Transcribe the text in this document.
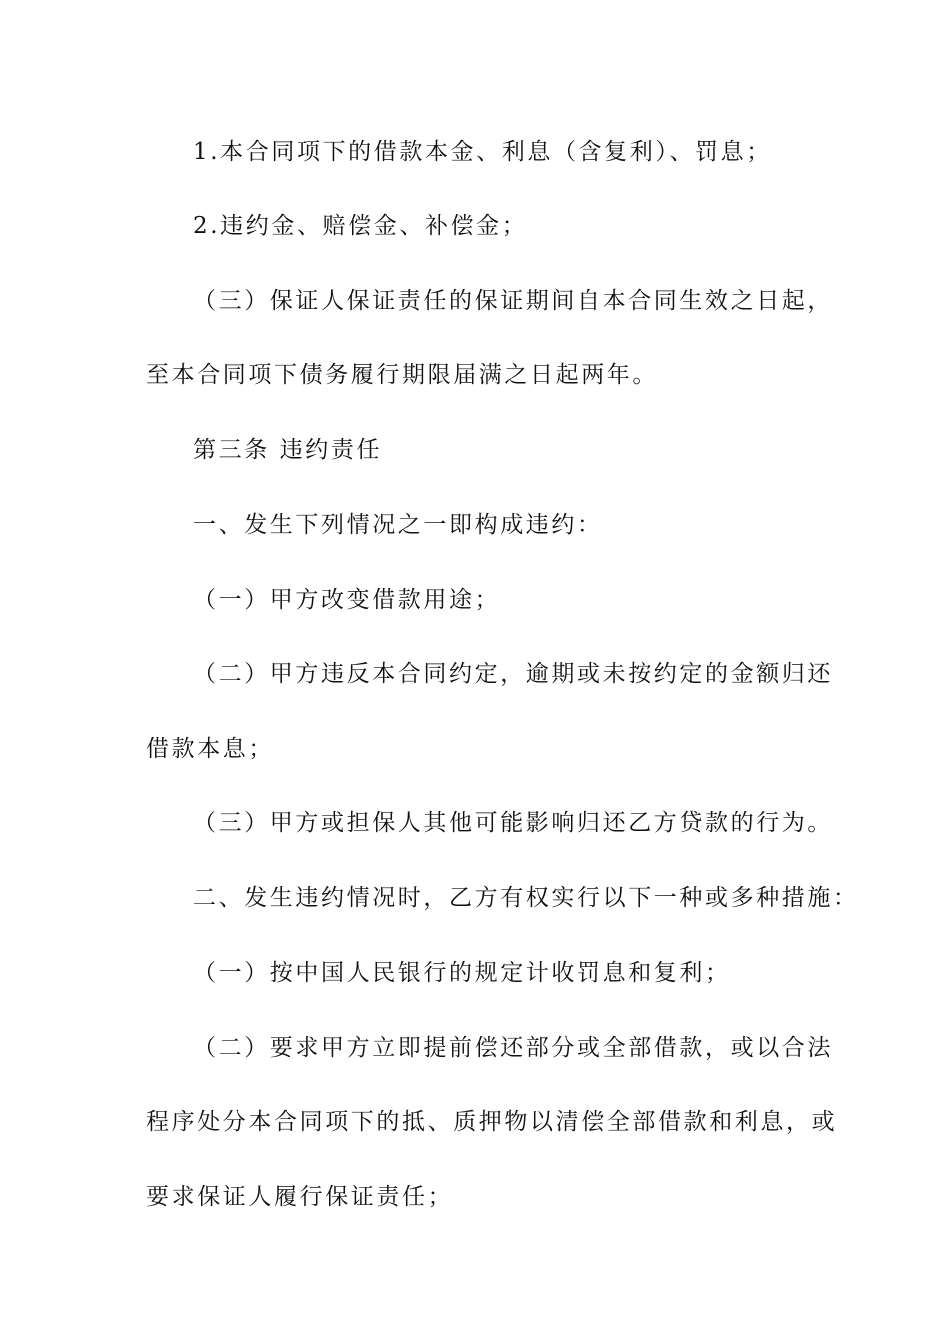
1.本合同项下的借款本金、利息（含复利）、罚息；
2.违约金、赔偿金、补偿金；
（三）保证人保证责任的保证期间自本合同生效之日起，
至本合同项下债务履行期限届满之日起两年。
第三条 违约责任
一、发生下列情况之一即构成违约：
（一）甲方改变借款用途；
（二）甲方违反本合同约定，逾期或未按约定的金额归还
借款本息；
（三）甲方或担保人其他可能影响归还乙方贷款的行为。
二、发生违约情况时，乙方有权实行以下一种或多种措施：
（一）按中国人民银行的规定计收罚息和复利；
（二）要求甲方立即提前偿还部分或全部借款，或以合法
程序处分本合同项下的抵、质押物以清偿全部借款和利息，或
要求保证人履行保证责任；
